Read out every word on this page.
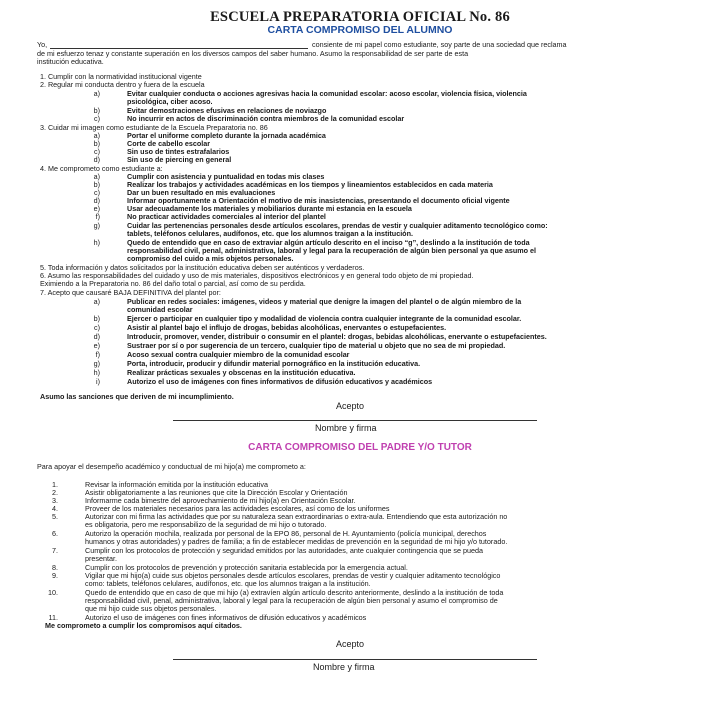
ESCUELA PREPARATORIA OFICIAL No. 86
CARTA COMPROMISO DEL ALUMNO
Yo,	consiente de mi papel como estudiante, soy parte de una sociedad que reclama
de mi esfuerzo tenaz y constante superación en los diversos campos del saber humano. Asumo la responsabilidad de ser parte de esta
institución educativa.
1. Cumplir con la normatividad institucional vigente
2. Regular mi conducta dentro y fuera de la escuela
a)	Evitar cualquier conducta o acciones agresivas hacia la comunidad escolar: acoso escolar, violencia física, violencia
psicológica, ciber acoso.
b)	Evitar demostraciones efusivas en relaciones de noviazgo
c)	No incurrir en actos de discriminación contra miembros de la comunidad escolar
3. Cuidar mi imagen como estudiante de la Escuela Preparatoria no. 86
a)	Portar el uniforme completo durante la jornada académica
b)	Corte de cabello escolar
c)	Sin uso de tintes estrafalarios
d)	Sin uso de piercing en general
4. Me comprometo como estudiante a:
a)	Cumplir con asistencia y puntualidad en todas mis clases
b)	Realizar los trabajos y actividades académicas en los tiempos y lineamientos establecidos en cada materia
c)	Dar un buen resultado en mis evaluaciones
d)	Informar oportunamente a Orientación el motivo de mis inasistencias, presentando el documento oficial vigente
e)	Usar adecuadamente los materiales y mobiliarios durante mi estancia en la escuela
f)	No practicar actividades comerciales al interior del plantel
g)	Cuidar las pertenencias personales desde artículos escolares, prendas de vestir y cualquier aditamento tecnológico como:
tablets, teléfonos celulares, audífonos, etc. que los alumnos traigan a la institución.
h)	Quedo de entendido que en caso de extraviar algún artículo descrito en el inciso “g”, deslindo a la institución de toda
responsabilidad civil, penal, administrativa, laboral y legal para la recuperación de algún bien personal ya que asumo el
compromiso del cuido a mis objetos personales.
5. Toda información y datos solicitados por la institución educativa deben ser auténticos y verdaderos.
6. Asumo las responsabilidades del cuidado y uso de mis materiales, dispositivos electrónicos y en general todo objeto de mi propiedad.
Eximiendo a la Preparatoria no. 86 del daño total o parcial, así como de su perdida.
7. Acepto que causaré BAJA DEFINITIVA del plantel por:
a)	Publicar en redes sociales: imágenes, videos y material que denigre la imagen del plantel o de algún miembro de la
comunidad escolar
b)	Ejercer o participar en cualquier tipo y modalidad de violencia contra cualquier integrante de la comunidad escolar.
c)	Asistir al plantel bajo el influjo de drogas, bebidas alcohólicas, enervantes o estupefacientes.
d)	Introducir, promover, vender, distribuir o consumir en el plantel: drogas, bebidas alcohólicas, enervante o estupefacientes.
e)	Sustraer por sí o por sugerencia de un tercero, cualquier tipo de material u objeto que no sea de mi propiedad.
f)	Acoso sexual contra cualquier miembro de la comunidad escolar
g)	Porta, introducir, producir y difundir material pornográfico en la institución educativa.
h)	Realizar prácticas sexuales y obscenas en la institución educativa.
i)	Autorizo el uso de imágenes con fines informativos de difusión educativos y académicos
Asumo las sanciones que deriven de mi incumplimiento.
Acepto
Nombre y firma
CARTA COMPROMISO DEL PADRE Y/O TUTOR
Para apoyar el desempeño académico y conductual de mi hijo(a) me comprometo a:
1.	Revisar la información emitida por la institución educativa
2.	Asistir obligatoriamente a las reuniones que cite la Dirección Escolar y Orientación
3.	Informarme cada bimestre del aprovechamiento de mi hijo(a) en Orientación Escolar.
4.	Proveer de los materiales necesarios para las actividades escolares, así como de los uniformes
5.	Autorizar con mi firma las actividades que por su naturaleza sean extraordinarias o extra-aula. Entendiendo que esta autorización no
es obligatoria, pero me responsabilizo de la seguridad de mi hijo o tutorado.
6.	Autorizo la operación mochila, realizada por personal de la EPO 86, personal de H. Ayuntamiento (policía municipal, derechos
humanos y otras autoridades) y padres de familia; a fin de establecer medidas de prevención en la seguridad de mi hijo y/o tutorado.
7.	Cumplir con los protocolos de protección y seguridad emitidos por las autoridades, ante cualquier contingencia que se pueda
presentar.
8.	Cumplir con los protocolos de prevención y protección sanitaria establecida por la emergencia actual.
9.	Vigilar que mi hijo(a) cuide sus objetos personales desde artículos escolares, prendas de vestir y cualquier aditamento tecnológico
como: tablets, teléfonos celulares, audífonos, etc. que los alumnos traigan a la institución.
10.	Quedo de entendido que en caso de que mi hijo (a) extravíen algún artículo descrito anteriormente, deslindo a la institución de toda
responsabilidad civil, penal, administrativa, laboral y legal para la recuperación de algún bien personal y asumo el compromiso de
que mi hijo cuide sus objetos personales.
11.	Autorizo el uso de imágenes con fines informativos de difusión educativos y académicos
Me comprometo a cumplir los compromisos aquí citados.
Acepto
Nombre y firma
